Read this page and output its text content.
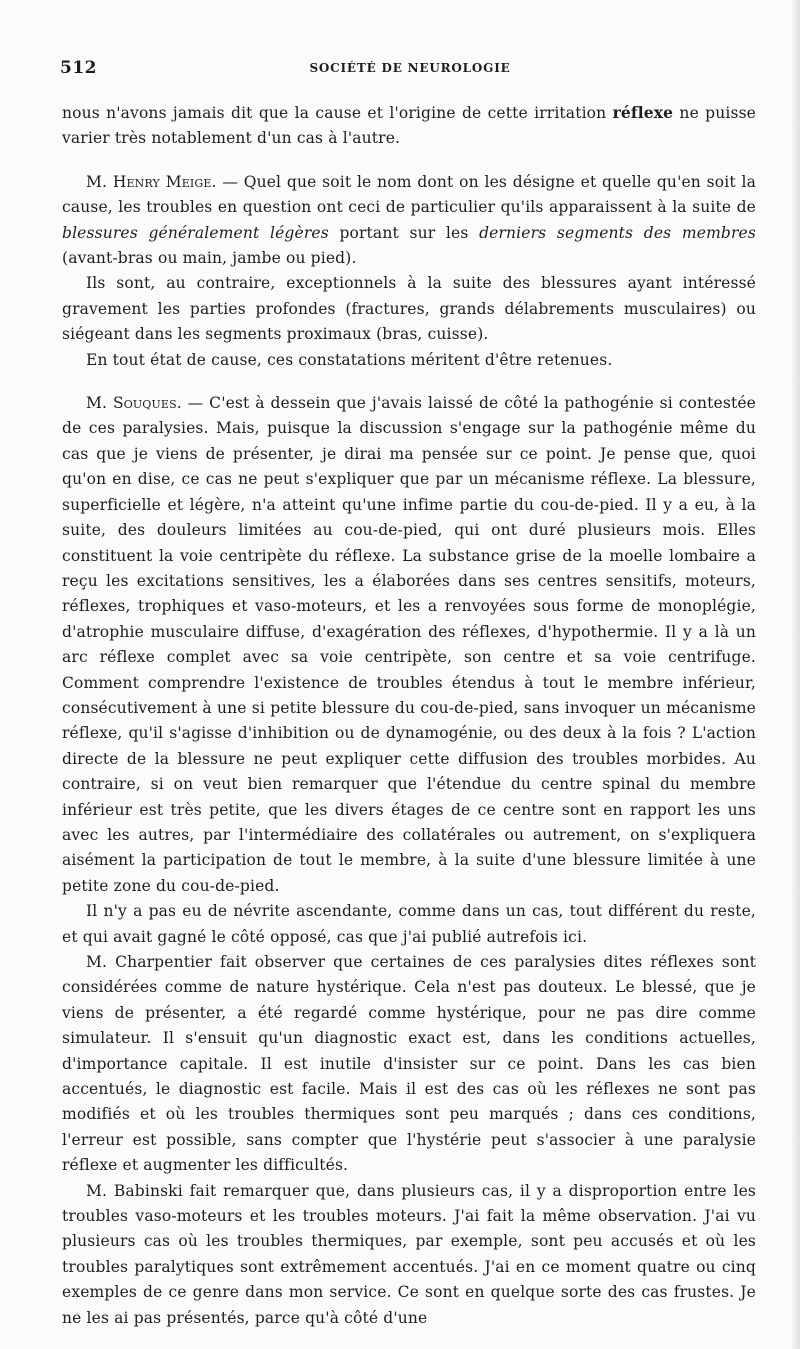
512	SOCIÉTÉ DE NEUROLOGIE

nous n'avons jamais dit que la cause et l'origine de cette irritation réflexe ne puisse varier très notablement d'un cas à l'autre.

M. Henry Meige. — Quel que soit le nom dont on les désigne et quelle qu'en soit la cause, les troubles en question ont ceci de particulier qu'ils apparaissent à la suite de blessures généralement légères portant sur les derniers segments des membres (avant-bras ou main, jambe ou pied).

Ils sont, au contraire, exceptionnels à la suite des blessures ayant intéressé gravement les parties profondes (fractures, grands délabrements musculaires) ou siégeant dans les segments proximaux (bras, cuisse).

En tout état de cause, ces constatations méritent d'être retenues.

M. Souques. — C'est à dessein que j'avais laissé de côté la pathogénie si contestée de ces paralysies. Mais, puisque la discussion s'engage sur la pathogénie même du cas que je viens de présenter, je dirai ma pensée sur ce point. Je pense que, quoi qu'on en dise, ce cas ne peut s'expliquer que par un mécanisme réflexe. La blessure, superficielle et légère, n'a atteint qu'une infime partie du cou-de-pied. Il y a eu, à la suite, des douleurs limitées au cou-de-pied, qui ont duré plusieurs mois. Elles constituent la voie centripète du réflexe. La substance grise de la moelle lombaire a reçu les excitations sensitives, les a élaborées dans ses centres sensitifs, moteurs, réflexes, trophiques et vaso-moteurs, et les a renvoyées sous forme de monoplégie, d'atrophie musculaire diffuse, d'exagération des réflexes, d'hypothermie. Il y a là un arc réflexe complet avec sa voie centripète, son centre et sa voie centrifuge. Comment comprendre l'existence de troubles étendus à tout le membre inférieur, consécutivement à une si petite blessure du cou-de-pied, sans invoquer un mécanisme réflexe, qu'il s'agisse d'inhibition ou de dynamogénie, ou des deux à la fois ? L'action directe de la blessure ne peut expliquer cette diffusion des troubles morbides. Au contraire, si on veut bien remarquer que l'étendue du centre spinal du membre inférieur est très petite, que les divers étages de ce centre sont en rapport les uns avec les autres, par l'intermédiaire des collatérales ou autrement, on s'expliquera aisément la participation de tout le membre, à la suite d'une blessure limitée à une petite zone du cou-de-pied.

Il n'y a pas eu de névrite ascendante, comme dans un cas, tout différent du reste, et qui avait gagné le côté opposé, cas que j'ai publié autrefois ici.

M. Charpentier fait observer que certaines de ces paralysies dites réflexes sont considérées comme de nature hystérique. Cela n'est pas douteux. Le blessé, que je viens de présenter, a été regardé comme hystérique, pour ne pas dire comme simulateur. Il s'ensuit qu'un diagnostic exact est, dans les conditions actuelles, d'importance capitale. Il est inutile d'insister sur ce point. Dans les cas bien accentués, le diagnostic est facile. Mais il est des cas où les réflexes ne sont pas modifiés et où les troubles thermiques sont peu marqués ; dans ces conditions, l'erreur est possible, sans compter que l'hystérie peut s'associer à une paralysie réflexe et augmenter les difficultés.

M. Babinski fait remarquer que, dans plusieurs cas, il y a disproportion entre les troubles vaso-moteurs et les troubles moteurs. J'ai fait la même observation. J'ai vu plusieurs cas où les troubles thermiques, par exemple, sont peu accusés et où les troubles paralytiques sont extrêmement accentués. J'ai en ce moment quatre ou cinq exemples de ce genre dans mon service. Ce sont en quelque sorte des cas frustes. Je ne les ai pas présentés, parce qu'à côté d'une
